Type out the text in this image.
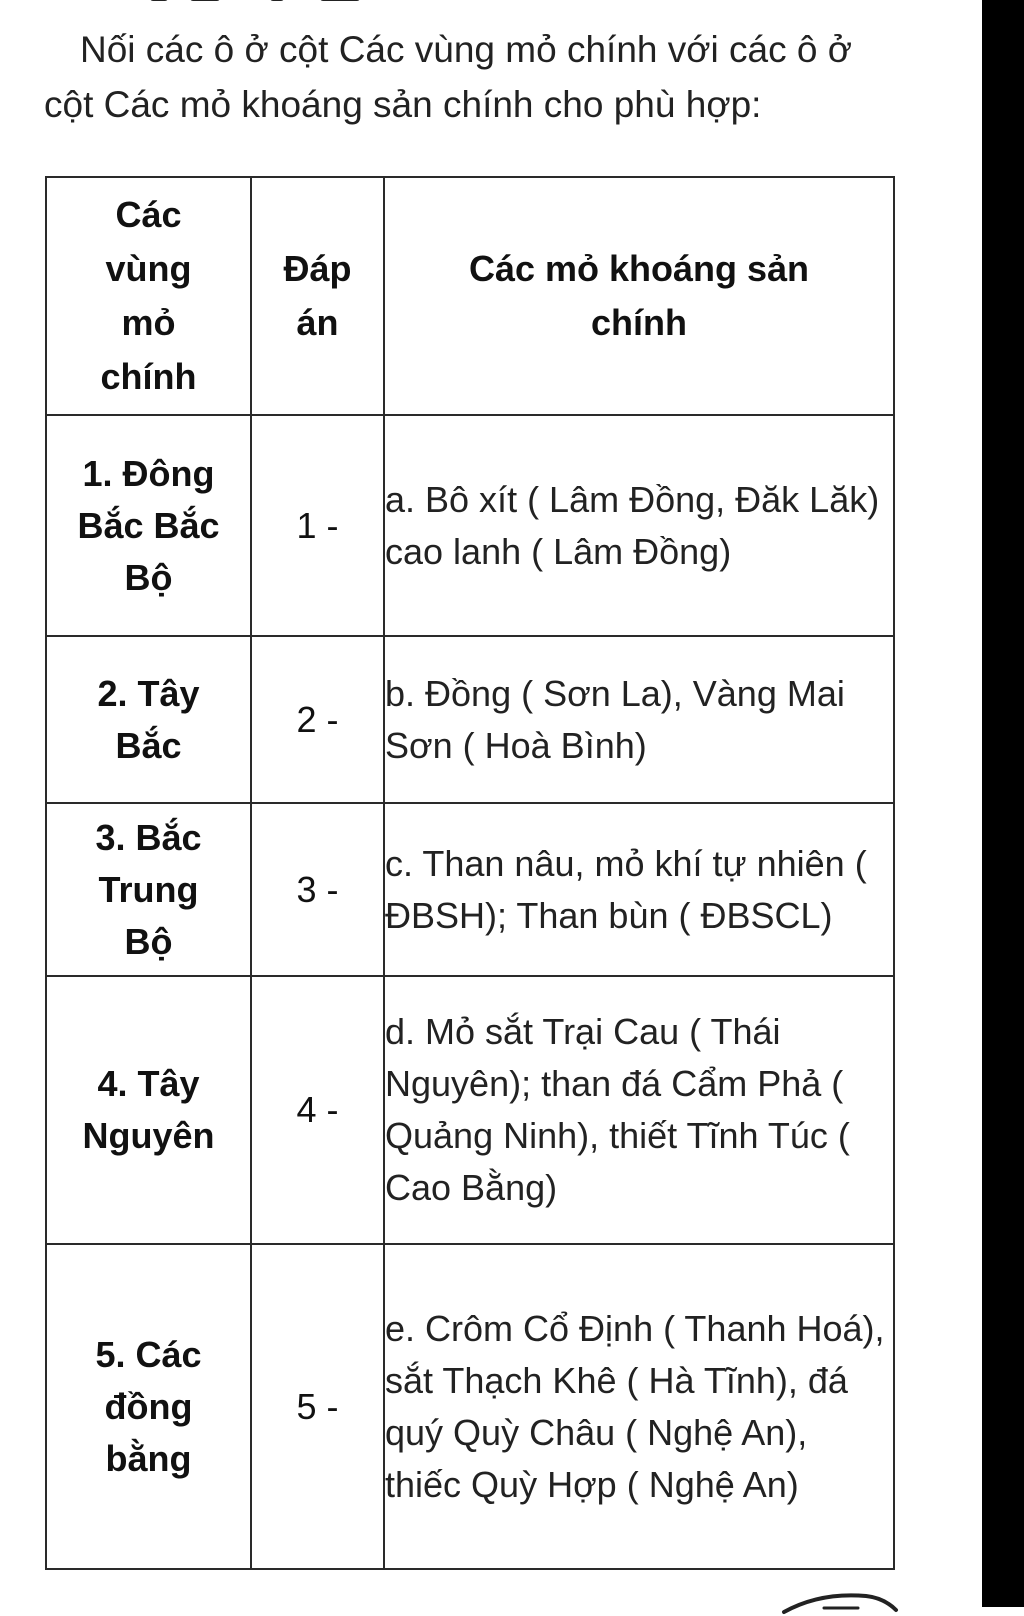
Nối các ô ở cột Các vùng mỏ chính với các ô ở cột Các mỏ khoáng sản chính cho phù hợp:

Các vùng mỏ chính	Đáp án	Các mỏ khoáng sản chính

1. Đông Bắc Bắc Bộ	1 -	a. Bô xít ( Lâm Đồng, Đăk Lăk) cao lanh ( Lâm Đồng)
2. Tây Bắc	2 -	b. Đồng ( Sơn La), Vàng Mai Sơn ( Hoà Bình)
3. Bắc Trung Bộ	3 -	c. Than nâu, mỏ khí tự nhiên ( ĐBSH); Than bùn ( ĐBSCL)
4. Tây Nguyên	4 -	d. Mỏ sắt Trại Cau ( Thái Nguyên); than đá Cẩm Phả ( Quảng Ninh), thiết Tĩnh Túc ( Cao Bằng)
5. Các đồng bằng	5 -	e. Crôm Cổ Định ( Thanh Hoá), sắt Thạch Khê ( Hà Tĩnh), đá quý Quỳ Châu ( Nghệ An), thiếc Quỳ Hợp ( Nghệ An)
